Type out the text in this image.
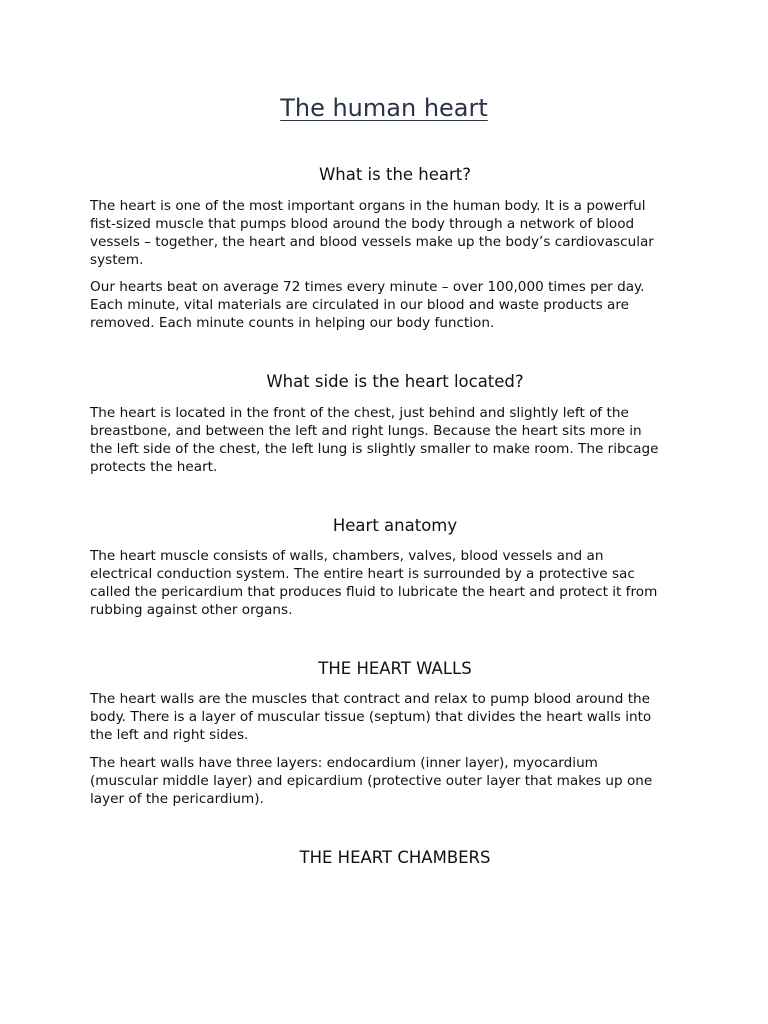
The human heart
What is the heart?

The heart is one of the most important organs in the human body. It is a powerful
fist-sized muscle that pumps blood around the body through a network of blood
vessels – together, the heart and blood vessels make up the body’s cardiovascular
system.

Our hearts beat on average 72 times every minute – over 100,000 times per day.
Each minute, vital materials are circulated in our blood and waste products are
removed. Each minute counts in helping our body function.

What side is the heart located?

The heart is located in the front of the chest, just behind and slightly left of the
breastbone, and between the left and right lungs. Because the heart sits more in
the left side of the chest, the left lung is slightly smaller to make room. The ribcage
protects the heart.

Heart anatomy

The heart muscle consists of walls, chambers, valves, blood vessels and an
electrical conduction system. The entire heart is surrounded by a protective sac
called the pericardium that produces fluid to lubricate the heart and protect it from
rubbing against other organs.

THE HEART WALLS

The heart walls are the muscles that contract and relax to pump blood around the
body. There is a layer of muscular tissue (septum) that divides the heart walls into
the left and right sides.

The heart walls have three layers: endocardium (inner layer), myocardium
(muscular middle layer) and epicardium (protective outer layer that makes up one
layer of the pericardium).

THE HEART CHAMBERS
